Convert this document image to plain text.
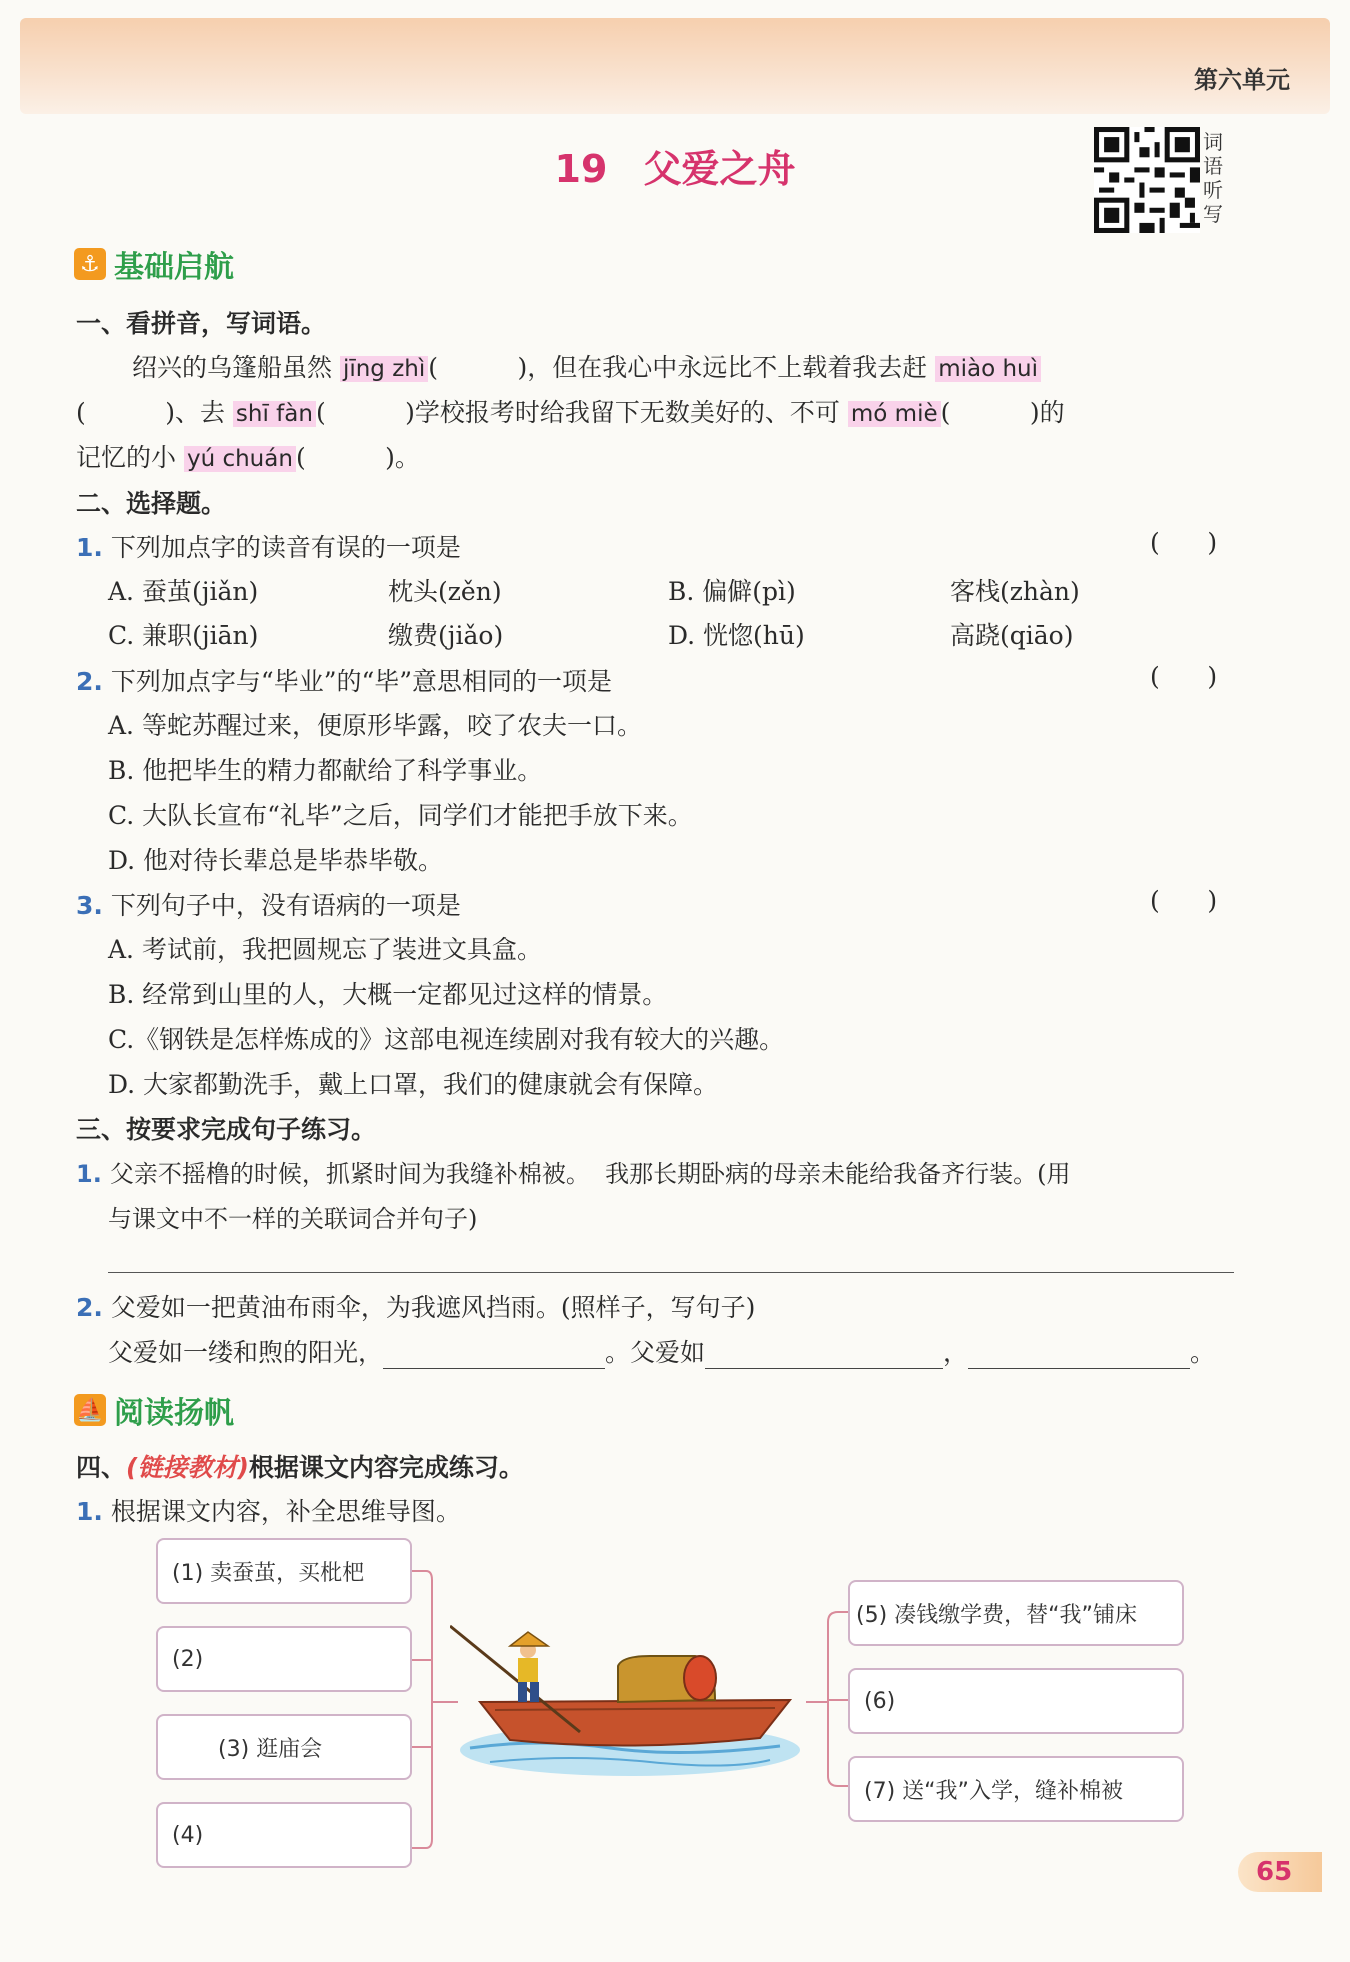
第六单元
19 父爱之舟
词语听写
⚓ 基础启航
一、看拼音，写词语。
绍兴的乌篷船虽然 jīng zhì (          )，但在我心中永远比不上载着我去赶 miào huì
(          )、去 shī fàn (          )学校报考时给我留下无数美好的、不可 mó miè (          )的
记忆的小 yú chuán (          )。
二、选择题。
1. 下列加点字的读音有误的一项是	(      )
A. 蚕茧(jiǎn)	枕头(zěn)	B. 偏僻(pì)	客栈(zhàn)
C. 兼职(jiān)	缴费(jiǎo)	D. 恍惚(hū)	高跷(qiāo)
2. 下列加点字与“毕业”的“毕”意思相同的一项是	(      )
A. 等蛇苏醒过来，便原形毕露，咬了农夫一口。
B. 他把毕生的精力都献给了科学事业。
C. 大队长宣布“礼毕”之后，同学们才能把手放下来。
D. 他对待长辈总是毕恭毕敬。
3. 下列句子中，没有语病的一项是	(      )
A. 考试前，我把圆规忘了装进文具盒。
B. 经常到山里的人，大概一定都见过这样的情景。
C.《钢铁是怎样炼成的》这部电视连续剧对我有较大的兴趣。
D. 大家都勤洗手，戴上口罩，我们的健康就会有保障。
三、按要求完成句子练习。
1. 父亲不摇橹的时候，抓紧时间为我缝补棉被。  我那长期卧病的母亲未能给我备齐行装。(用
与课文中不一样的关联词合并句子)
2. 父爱如一把黄油布雨伞，为我遮风挡雨。(照样子，写句子)
父爱如一缕和煦的阳光，	。父爱如	，	。
⛵ 阅读扬帆
四、(链接教材)根据课文内容完成练习。
1. 根据课文内容，补全思维导图。
(1) 卖蚕茧，买枇杷
(2)
(3) 逛庙会
(4)
(5) 凑钱缴学费，替“我”铺床
(6)
(7) 送“我”入学，缝补棉被
65
